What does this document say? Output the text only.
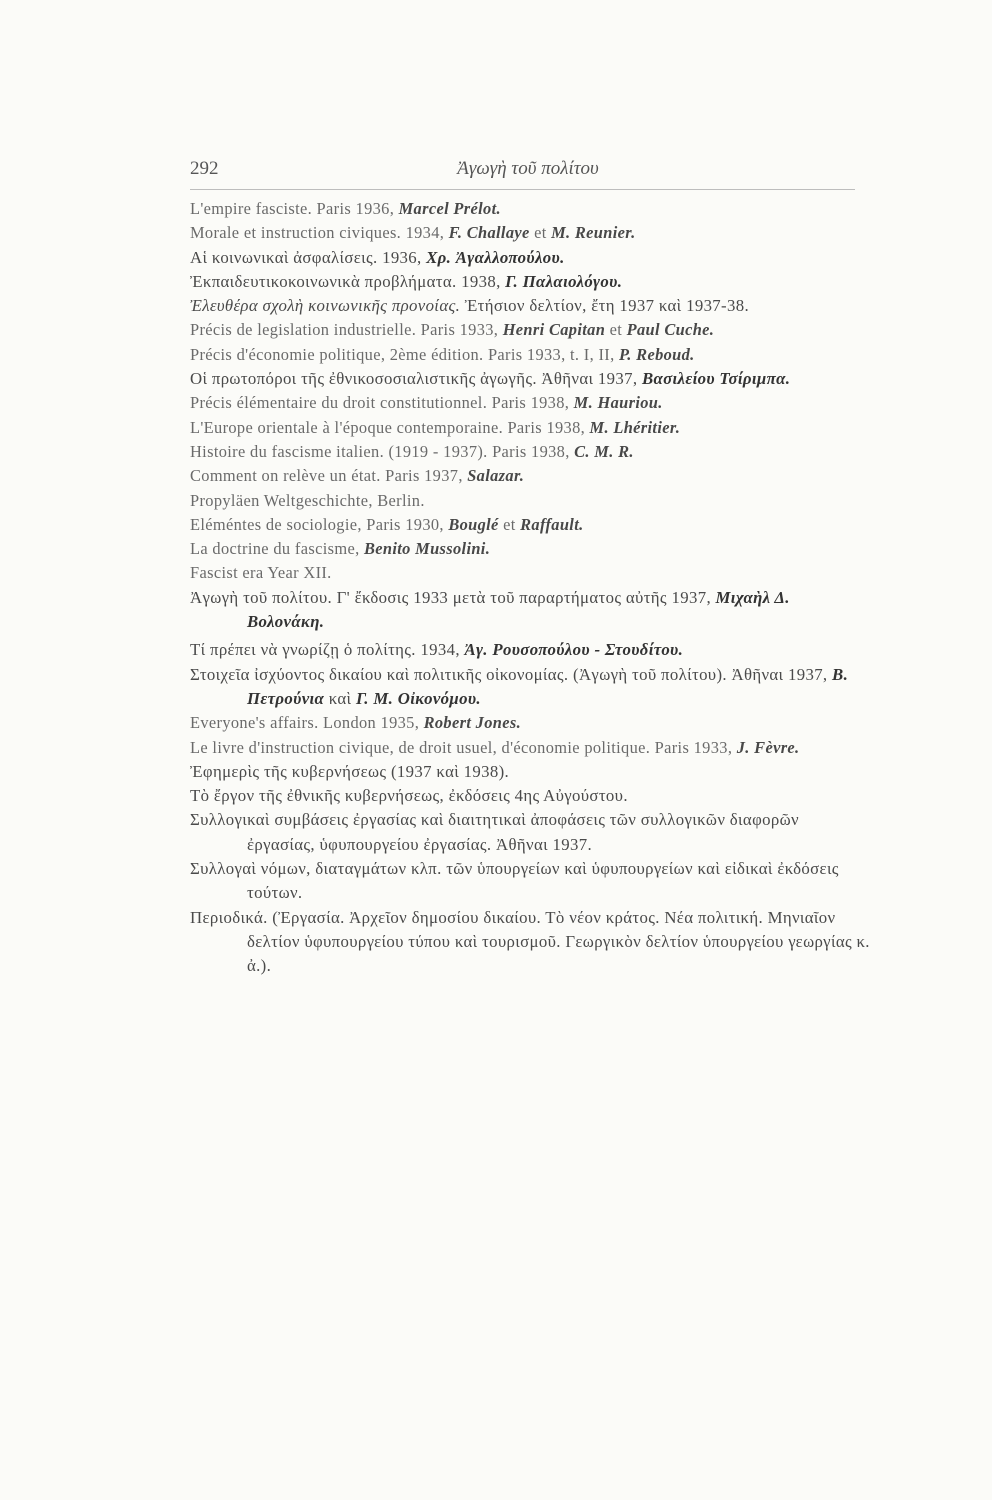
292	Ἀγωγὴ τοῦ πολίτου
L'empire fasciste. Paris 1936, Marcel Prélot.
Morale et instruction civiques. 1934, F. Challaye et M. Reunier.
Αἱ κοινωνικαὶ ἀσφαλίσεις. 1936, Χρ. Ἀγαλλοπούλου.
Ἐκπαιδευτικοκοινωνικὰ προβλήματα. 1938, Γ. Παλαιολόγου.
Ἐλευθέρα σχολὴ κοινωνικῆς προνοίας. Ἐτήσιον δελτίον, ἔτη 1937 καὶ 1937-38.
Précis de legislation industrielle. Paris 1933, Henri Capitan et Paul Cuche.
Précis d'économie politique, 2ème édition. Paris 1933, t. I, II, P. Reboud.
Οἱ πρωτοπόροι τῆς ἐθνικοσοσιαλιστικῆς ἀγωγῆς. Ἀθῆναι 1937, Βασιλείου Τσίριμπα.
Précis élémentaire du droit constitutionnel. Paris 1938, M. Hauriou.
L'Europe orientale à l'époque contemporaine. Paris 1938, M. Lhéritier.
Histoire du fascisme italien. (1919 - 1937). Paris 1938, C. M. R.
Comment on relève un état. Paris 1937, Salazar.
Propyläen Weltgeschichte, Berlin.
Eléméntes de sociologie, Paris 1930, Bouglé et Raffault.
La doctrine du fascisme, Benito Mussolini.
Fascist era Year XII.
Ἀγωγὴ τοῦ πολίτου. Γ' ἔκδοσις 1933 μετὰ τοῦ παραρτήματος αὐτῆς 1937, Μιχαὴλ Δ. Βολονάκη.
Τί πρέπει νὰ γνωρίζῃ ὁ πολίτης. 1934, Ἀγ. Ρουσοπούλου - Στουδίτου.
Στοιχεῖα ἰσχύοντος δικαίου καὶ πολιτικῆς οἰκονομίας. (Ἀγωγὴ τοῦ πολίτου). Ἀθῆναι 1937, Β. Πετρούνια καὶ Γ. Μ. Οἰκονόμου.
Everyone's affairs. London 1935, Robert Jones.
Le livre d'instruction civique, de droit usuel, d'économie politique. Paris 1933, J. Fèvre.
Ἐφημερὶς τῆς κυβερνήσεως (1937 καὶ 1938).
Τὸ ἔργον τῆς ἐθνικῆς κυβερνήσεως, ἐκδόσεις 4ης Αὐγούστου.
Συλλογικαὶ συμβάσεις ἐργασίας καὶ διαιτητικαὶ ἀποφάσεις τῶν συλλογικῶν διαφορῶν ἐργασίας, ὑφυπουργείου ἐργασίας. Ἀθῆναι 1937.
Συλλογαὶ νόμων, διαταγμάτων κλπ. τῶν ὑπουργείων καὶ ὑφυπουργείων καὶ εἰδικαὶ ἐκδόσεις τούτων.
Περιοδικά. (Ἐργασία. Ἀρχεῖον δημοσίου δικαίου. Τὸ νέον κράτος. Νέα πολιτική. Μηνιαῖον δελτίον ὑφυπουργείου τύπου καὶ τουρισμοῦ. Γεωργικὸν δελτίον ὑπουργείου γεωργίας κ. ἀ.).
